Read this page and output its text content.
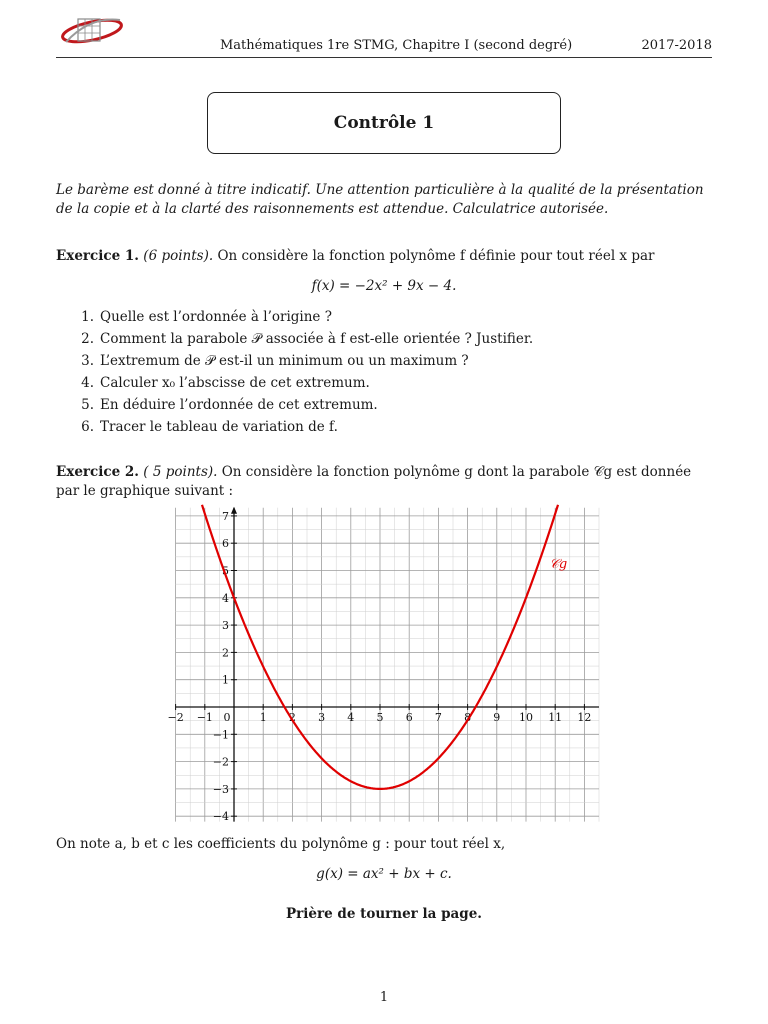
Mathématiques 1re STMG, Chapitre I (second degré)	2017-2018
Contrôle 1
Le barème est donné à titre indicatif. Une attention particulière à la qualité de la présentation de la copie et à la clarté des raisonnements est attendue. Calculatrice autorisée.
Exercice 1. (6 points). On considère la fonction polynôme f définie pour tout réel x par
f(x) = −2x² + 9x − 4.
1. Quelle est l’ordonnée à l’origine ?
2. Comment la parabole 𝒫 associée à f est-elle orientée ? Justifier.
3. L’extremum de 𝒫 est-il un minimum ou un maximum ?
4. Calculer x₀ l’abscisse de cet extremum.
5. En déduire l’ordonnée de cet extremum.
6. Tracer le tableau de variation de f.
Exercice 2. ( 5 points). On considère la fonction polynôme g dont la parabole 𝒞g est donnée par le graphique suivant :
−2 −1 0	1 2 3 4 5 6 7 8 9 10 11 12
−4
−3
−2
−1
1
2
3
4
5
6
7
𝒞g
On note a, b et c les coefficients du polynôme g : pour tout réel x,
g(x) = ax² + bx + c.
Prière de tourner la page.
1
